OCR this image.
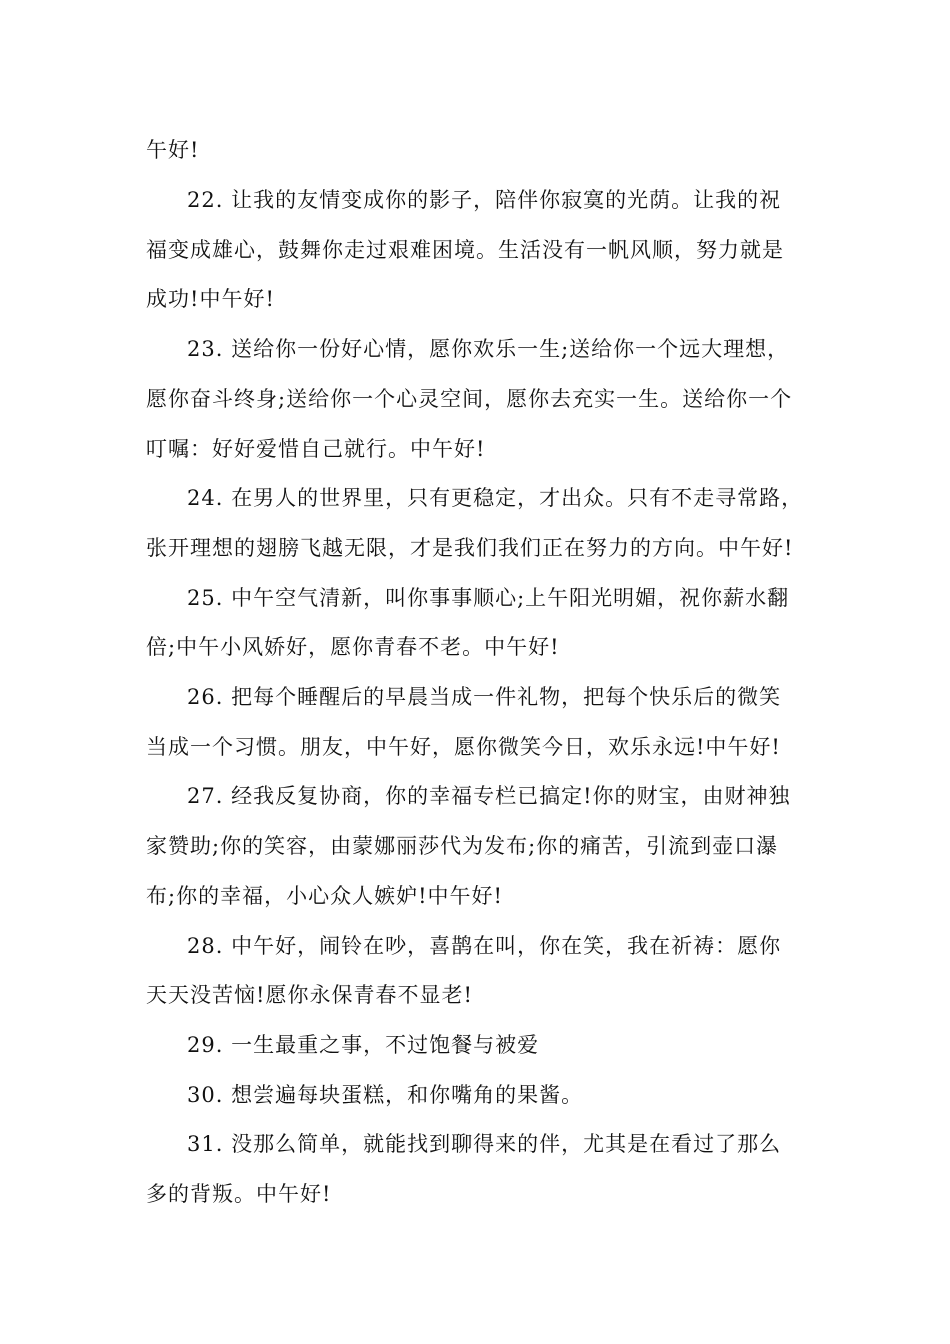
午好!
22. 让我的友情变成你的影子，陪伴你寂寞的光荫。让我的祝
福变成雄心，鼓舞你走过艰难困境。生活没有一帆风顺，努力就是
成功!中午好!
23. 送给你一份好心情，愿你欢乐一生;送给你一个远大理想，
愿你奋斗终身;送给你一个心灵空间，愿你去充实一生。送给你一个
叮嘱：好好爱惜自己就行。中午好!
24. 在男人的世界里，只有更稳定，才出众。只有不走寻常路，
张开理想的翅膀飞越无限，才是我们我们正在努力的方向。中午好!
25. 中午空气清新，叫你事事顺心;上午阳光明媚，祝你薪水翻
倍;中午小风娇好，愿你青春不老。中午好!
26. 把每个睡醒后的早晨当成一件礼物，把每个快乐后的微笑
当成一个习惯。朋友，中午好，愿你微笑今日，欢乐永远!中午好!
27. 经我反复协商，你的幸福专栏已搞定!你的财宝，由财神独
家赞助;你的笑容，由蒙娜丽莎代为发布;你的痛苦，引流到壶口瀑
布;你的幸福，小心众人嫉妒!中午好!
28. 中午好，闹铃在吵，喜鹊在叫，你在笑，我在祈祷：愿你
天天没苦恼!愿你永保青春不显老!
29. 一生最重之事，不过饱餐与被爱
30. 想尝遍每块蛋糕，和你嘴角的果酱。
31. 没那么简单，就能找到聊得来的伴，尤其是在看过了那么
多的背叛。中午好!
